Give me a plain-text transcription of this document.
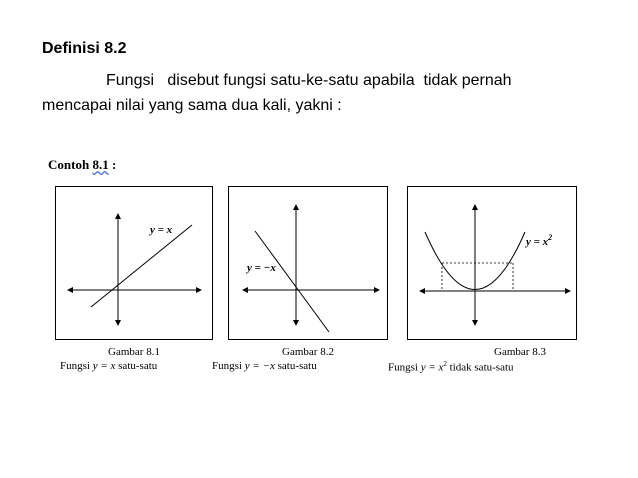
Definisi 8.2
Fungsi   disebut fungsi satu-ke-satu apabila  tidak pernah
mencapai nilai yang sama dua kali, yakni :
Contoh 8.1 :
y = x
y = −x
$y = x^2$
Gambar 8.1	Gambar 8.2	Gambar 8.3
Fungsi y = x satu-satu	Fungsi y = −x satu-satu	Fungsi $y = x^2$ tidak satu-satu
